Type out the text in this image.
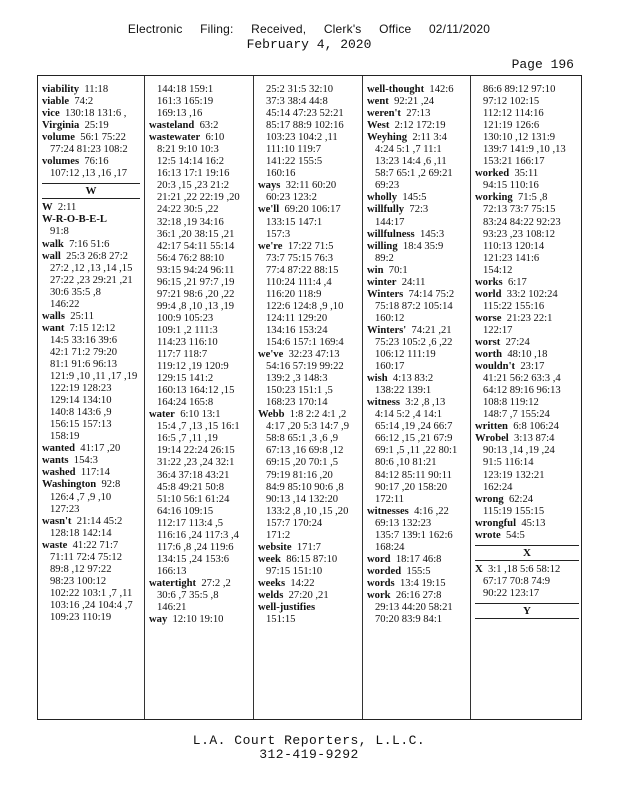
Electronic Filing: Received, Clerk's Office 02/11/2020
February 4, 2020
Page 196
viability 11:18
viable 74:2
vice 130:18 131:6 ,
Virginia 25:19
volume 56:1 75:22
77:24 81:23 108:2
volumes 76:16
107:12 ,13 ,16 ,17
W
W 2:11
W-R-O-B-E-L
91:8
walk 7:16 51:6
wall 25:3 26:8 27:2
27:2 ,12 ,13 ,14 ,15
27:22 ,23 29:21 ,21
30:6 35:5 ,8
146:22
walls 25:11
want 7:15 12:12
14:5 33:16 39:6
42:1 71:2 79:20
81:1 91:6 96:13
121:9 ,10 ,11 ,17 ,19
122:19 128:23
129:14 134:10
140:8 143:6 ,9
156:15 157:13
158:19
wanted 41:17 ,20
wants 154:3
washed 117:14
Washington 92:8
126:4 ,7 ,9 ,10
127:23
wasn't 21:14 45:2
128:18 142:14
waste 41:22 71:7
71:11 72:4 75:12
89:8 ,12 97:22
98:23 100:12
102:22 103:1 ,7 ,11
103:16 ,24 104:4 ,7
109:23 110:19
144:18 159:1
161:3 165:19
169:13 ,16
wasteland 63:2
wastewater 6:10
8:21 9:10 10:3
12:5 14:14 16:2
16:13 17:1 19:16
20:3 ,15 ,23 21:2
21:21 ,22 22:19 ,20
24:22 30:5 ,22
32:18 ,19 34:16
36:1 ,20 38:15 ,21
42:17 54:11 55:14
56:4 76:2 88:10
93:15 94:24 96:11
96:15 ,21 97:7 ,19
97:21 98:6 ,20 ,22
99:4 ,8 ,10 ,13 ,19
100:9 105:23
109:1 ,2 111:3
114:23 116:10
117:7 118:7
119:12 ,19 120:9
129:15 141:2
160:13 164:12 ,15
164:24 165:8
water 6:10 13:1
15:4 ,7 ,13 ,15 16:1
16:5 ,7 ,11 ,19
19:14 22:24 26:15
31:22 ,23 ,24 32:1
36:4 37:18 43:21
45:8 49:21 50:8
51:10 56:1 61:24
64:16 109:15
112:17 113:4 ,5
116:16 ,24 117:3 ,4
117:6 ,8 ,24 119:6
134:15 ,24 153:6
166:13
watertight 27:2 ,2
30:6 ,7 35:5 ,8
146:21
way 12:10 19:10
25:2 31:5 32:10
37:3 38:4 44:8
45:14 47:23 52:21
85:17 88:9 102:16
103:23 104:2 ,11
111:10 119:7
141:22 155:5
160:16
ways 32:11 60:20
60:23 123:2
we'll 69:20 106:17
133:15 147:1
157:3
we're 17:22 71:5
73:7 75:15 76:3
77:4 87:22 88:15
110:24 111:4 ,4
116:20 118:9
122:6 124:8 ,9 ,10
124:11 129:20
134:16 153:24
154:6 157:1 169:4
we've 32:23 47:13
54:16 57:19 99:22
139:2 ,3 148:3
150:23 151:1 ,5
168:23 170:14
Webb 1:8 2:2 4:1 ,2
4:17 ,20 5:3 14:7 ,9
58:8 65:1 ,3 ,6 ,9
67:13 ,16 69:8 ,12
69:15 ,20 70:1 ,5
79:19 81:16 ,20
84:9 85:10 90:6 ,8
90:13 ,14 132:20
133:2 ,8 ,10 ,15 ,20
157:7 170:24
171:2
website 171:7
week 86:15 87:10
97:15 151:10
weeks 14:22
welds 27:20 ,21
well-justifies
151:15
well-thought 142:6
went 92:21 ,24
weren't 27:13
West 2:12 172:19
Weyhing 2:11 3:4
4:24 5:1 ,7 11:1
13:23 14:4 ,6 ,11
58:7 65:1 ,2 69:21
69:23
wholly 145:5
willfully 72:3
144:17
willfulness 145:3
willing 18:4 35:9
89:2
win 70:1
winter 24:11
Winters 74:14 75:2
75:18 87:2 105:14
160:12
Winters' 74:21 ,21
75:23 105:2 ,6 ,22
106:12 111:19
160:17
wish 4:13 83:2
138:22 139:1
witness 3:2 ,8 ,13
4:14 5:2 ,4 14:1
65:14 ,19 ,24 66:7
66:12 ,15 ,21 67:9
69:1 ,5 ,11 ,22 80:1
80:6 ,10 81:21
84:12 85:11 90:11
90:17 ,20 158:20
172:11
witnesses 4:16 ,22
69:13 132:23
135:7 139:1 162:6
168:24
word 18:17 46:8
worded 155:5
words 13:4 19:15
work 26:16 27:8
29:13 44:20 58:21
70:20 83:9 84:1
86:6 89:12 97:10
97:12 102:15
112:12 114:16
121:19 126:6
130:10 ,12 131:9
139:7 141:9 ,10 ,13
153:21 166:17
worked 35:11
94:15 110:16
working 71:5 ,8
72:13 73:7 75:15
83:24 84:22 92:23
93:23 ,23 108:12
110:13 120:14
121:23 141:6
154:12
works 6:17
world 33:2 102:24
115:22 155:16
worse 21:23 22:1
122:17
worst 27:24
worth 48:10 ,18
wouldn't 23:17
41:21 56:2 63:3 ,4
64:12 89:16 96:13
108:8 119:12
148:7 ,7 155:24
written 6:8 106:24
Wrobel 3:13 87:4
90:13 ,14 ,19 ,24
91:5 116:14
123:19 132:21
162:24
wrong 62:24
115:19 155:15
wrongful 45:13
wrote 54:5
X
X 3:1 ,18 5:6 58:12
67:17 70:8 74:9
90:22 123:17
Y
L.A. Court Reporters, L.L.C.
312-419-9292
